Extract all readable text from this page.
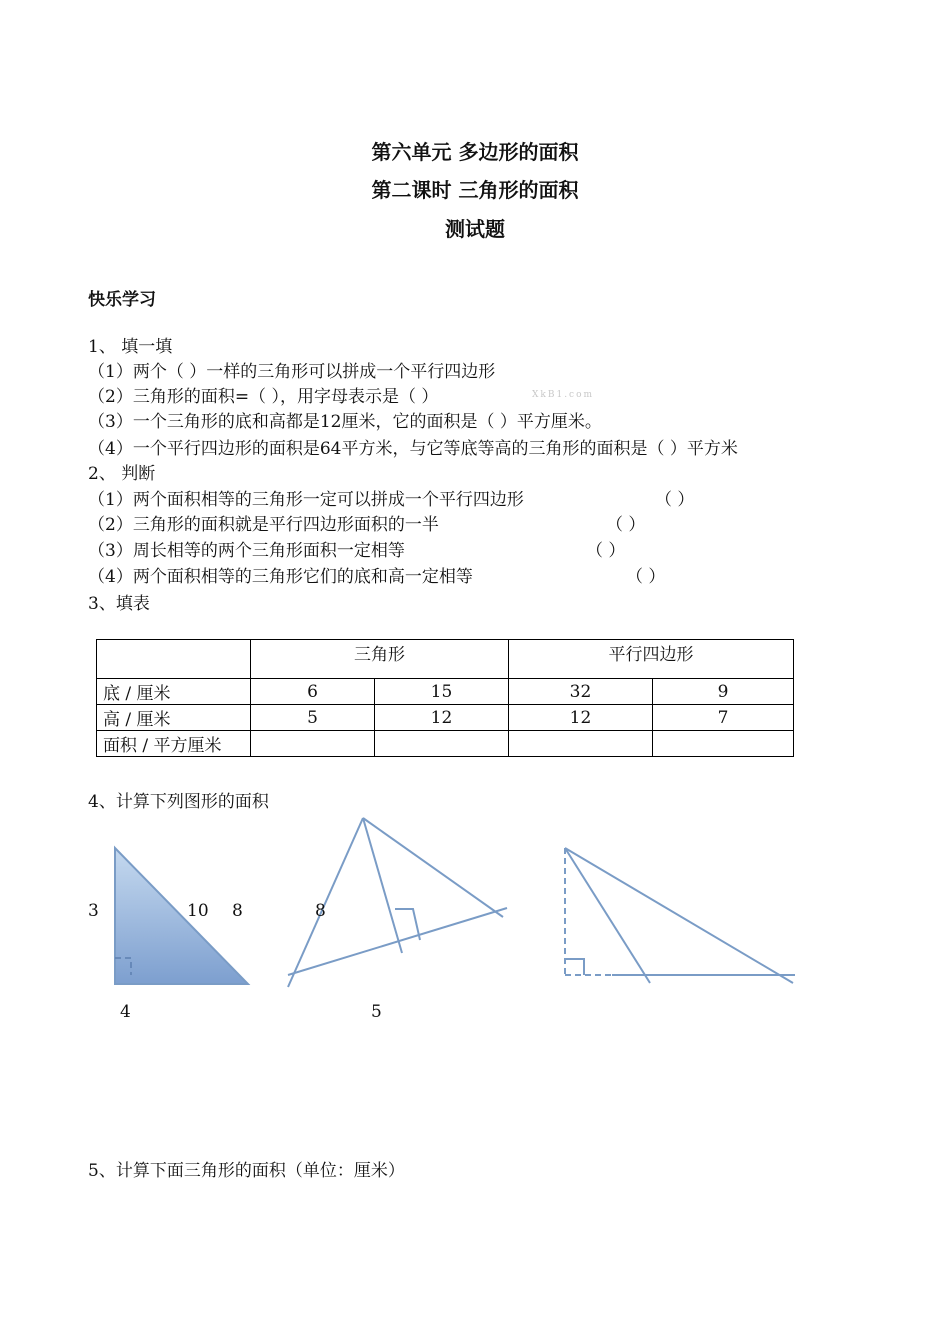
第六单元 多边形的面积
第二课时 三角形的面积
测试题
快乐学习
1、 填一填
（1）两个（ ）一样的三角形可以拼成一个平行四边形
（2）三角形的面积=（ ），用字母表示是（ ）	XkB1.com
（3）一个三角形的底和高都是12厘米，它的面积是（ ）平方厘米。
（4）一个平行四边形的面积是64平方米，与它等底等高的三角形的面积是（ ）平方米
2、 判断
（1）两个面积相等的三角形一定可以拼成一个平行四边形	（ ）
（2）三角形的面积就是平行四边形面积的一半	（ ）
（3）周长相等的两个三角形面积一定相等	（ ）
（4）两个面积相等的三角形它们的底和高一定相等	（ ）
3、填表
	三角形		平行四边形	
底 / 厘米	6	15	32	9
高 / 厘米	5	12	12	7
面积 / 平方厘米				
4、计算下列图形的面积
3	10
4
8	8
5
5、计算下面三角形的面积（单位：厘米）
